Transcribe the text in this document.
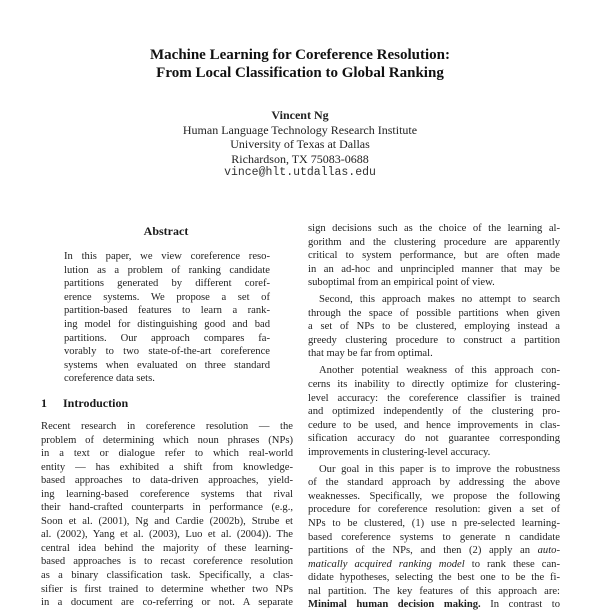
Machine Learning for Coreference Resolution:
From Local Classification to Global Ranking
Vincent Ng
Human Language Technology Research Institute
University of Texas at Dallas
Richardson, TX 75083-0688
vince@hlt.utdallas.edu
Abstract
In this paper, we view coreference reso-
lution as a problem of ranking candidate
partitions generated by different coref-
erence systems. We propose a set of
partition-based features to learn a rank-
ing model for distinguishing good and bad
partitions. Our approach compares fa-
vorably to two state-of-the-art coreference
systems when evaluated on three standard
coreference data sets.
1 Introduction
Recent research in coreference resolution — the
problem of determining which noun phrases (NPs)
in a text or dialogue refer to which real-world
entity — has exhibited a shift from knowledge-
based approaches to data-driven approaches, yield-
ing learning-based coreference systems that rival
their hand-crafted counterparts in performance (e.g.,
Soon et al. (2001), Ng and Cardie (2002b), Strube et
al. (2002), Yang et al. (2003), Luo et al. (2004)). The
central idea behind the majority of these learning-
based approaches is to recast coreference resolution
as a binary classification task. Specifically, a clas-
sifier is first trained to determine whether two NPs
in a document are co-referring or not. A separate

sign decisions such as the choice of the learning al-
gorithm and the clustering procedure are apparently
critical to system performance, but are often made
in an ad-hoc and unprincipled manner that may be
suboptimal from an empirical point of view.

Second, this approach makes no attempt to search
through the space of possible partitions when given
a set of NPs to be clustered, employing instead a
greedy clustering procedure to construct a partition
that may be far from optimal.

Another potential weakness of this approach con-
cerns its inability to directly optimize for clustering-
level accuracy: the coreference classifier is trained
and optimized independently of the clustering pro-
cedure to be used, and hence improvements in clas-
sification accuracy do not guarantee corresponding
improvements in clustering-level accuracy.

Our goal in this paper is to improve the robustness
of the standard approach by addressing the above
weaknesses. Specifically, we propose the following
procedure for coreference resolution: given a set of
NPs to be clustered, (1) use n pre-selected learning-
based coreference systems to generate n candidate
partitions of the NPs, and then (2) apply an auto-
matically acquired ranking model to rank these can-
didate hypotheses, selecting the best one to be the fi-
nal partition. The key features of this approach are:
Minimal human decision making. In contrast to
